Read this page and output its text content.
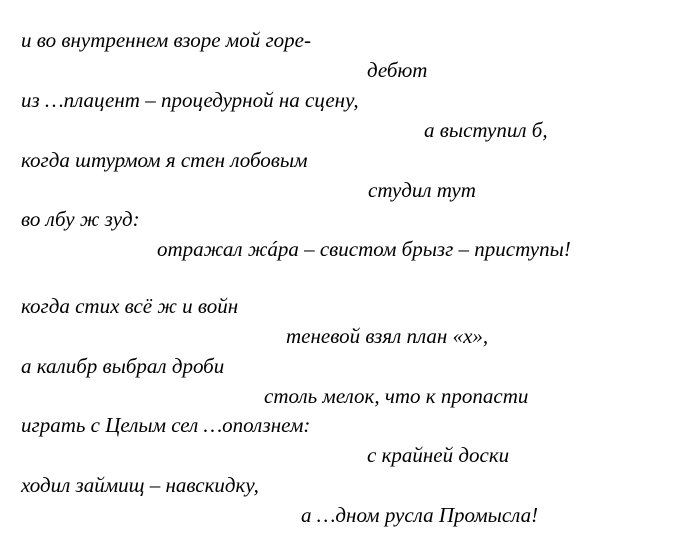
и во внутреннем взоре мой горе-
дебют
из …плацент – процедурной на сцену,
а выступил б,
когда штурмом я стен лобовым
студил тут
во лбу ж зуд:
отражал жáра – свистом брызг – приступы!
когда стих всё ж и войн
теневой взял план «х»,
а калибр выбрал дроби
столь мелок, что к пропасти
играть с Целым сел …оползнем:
с крайней доски
ходил займищ – навскидку,
а …дном русла Промысла!
